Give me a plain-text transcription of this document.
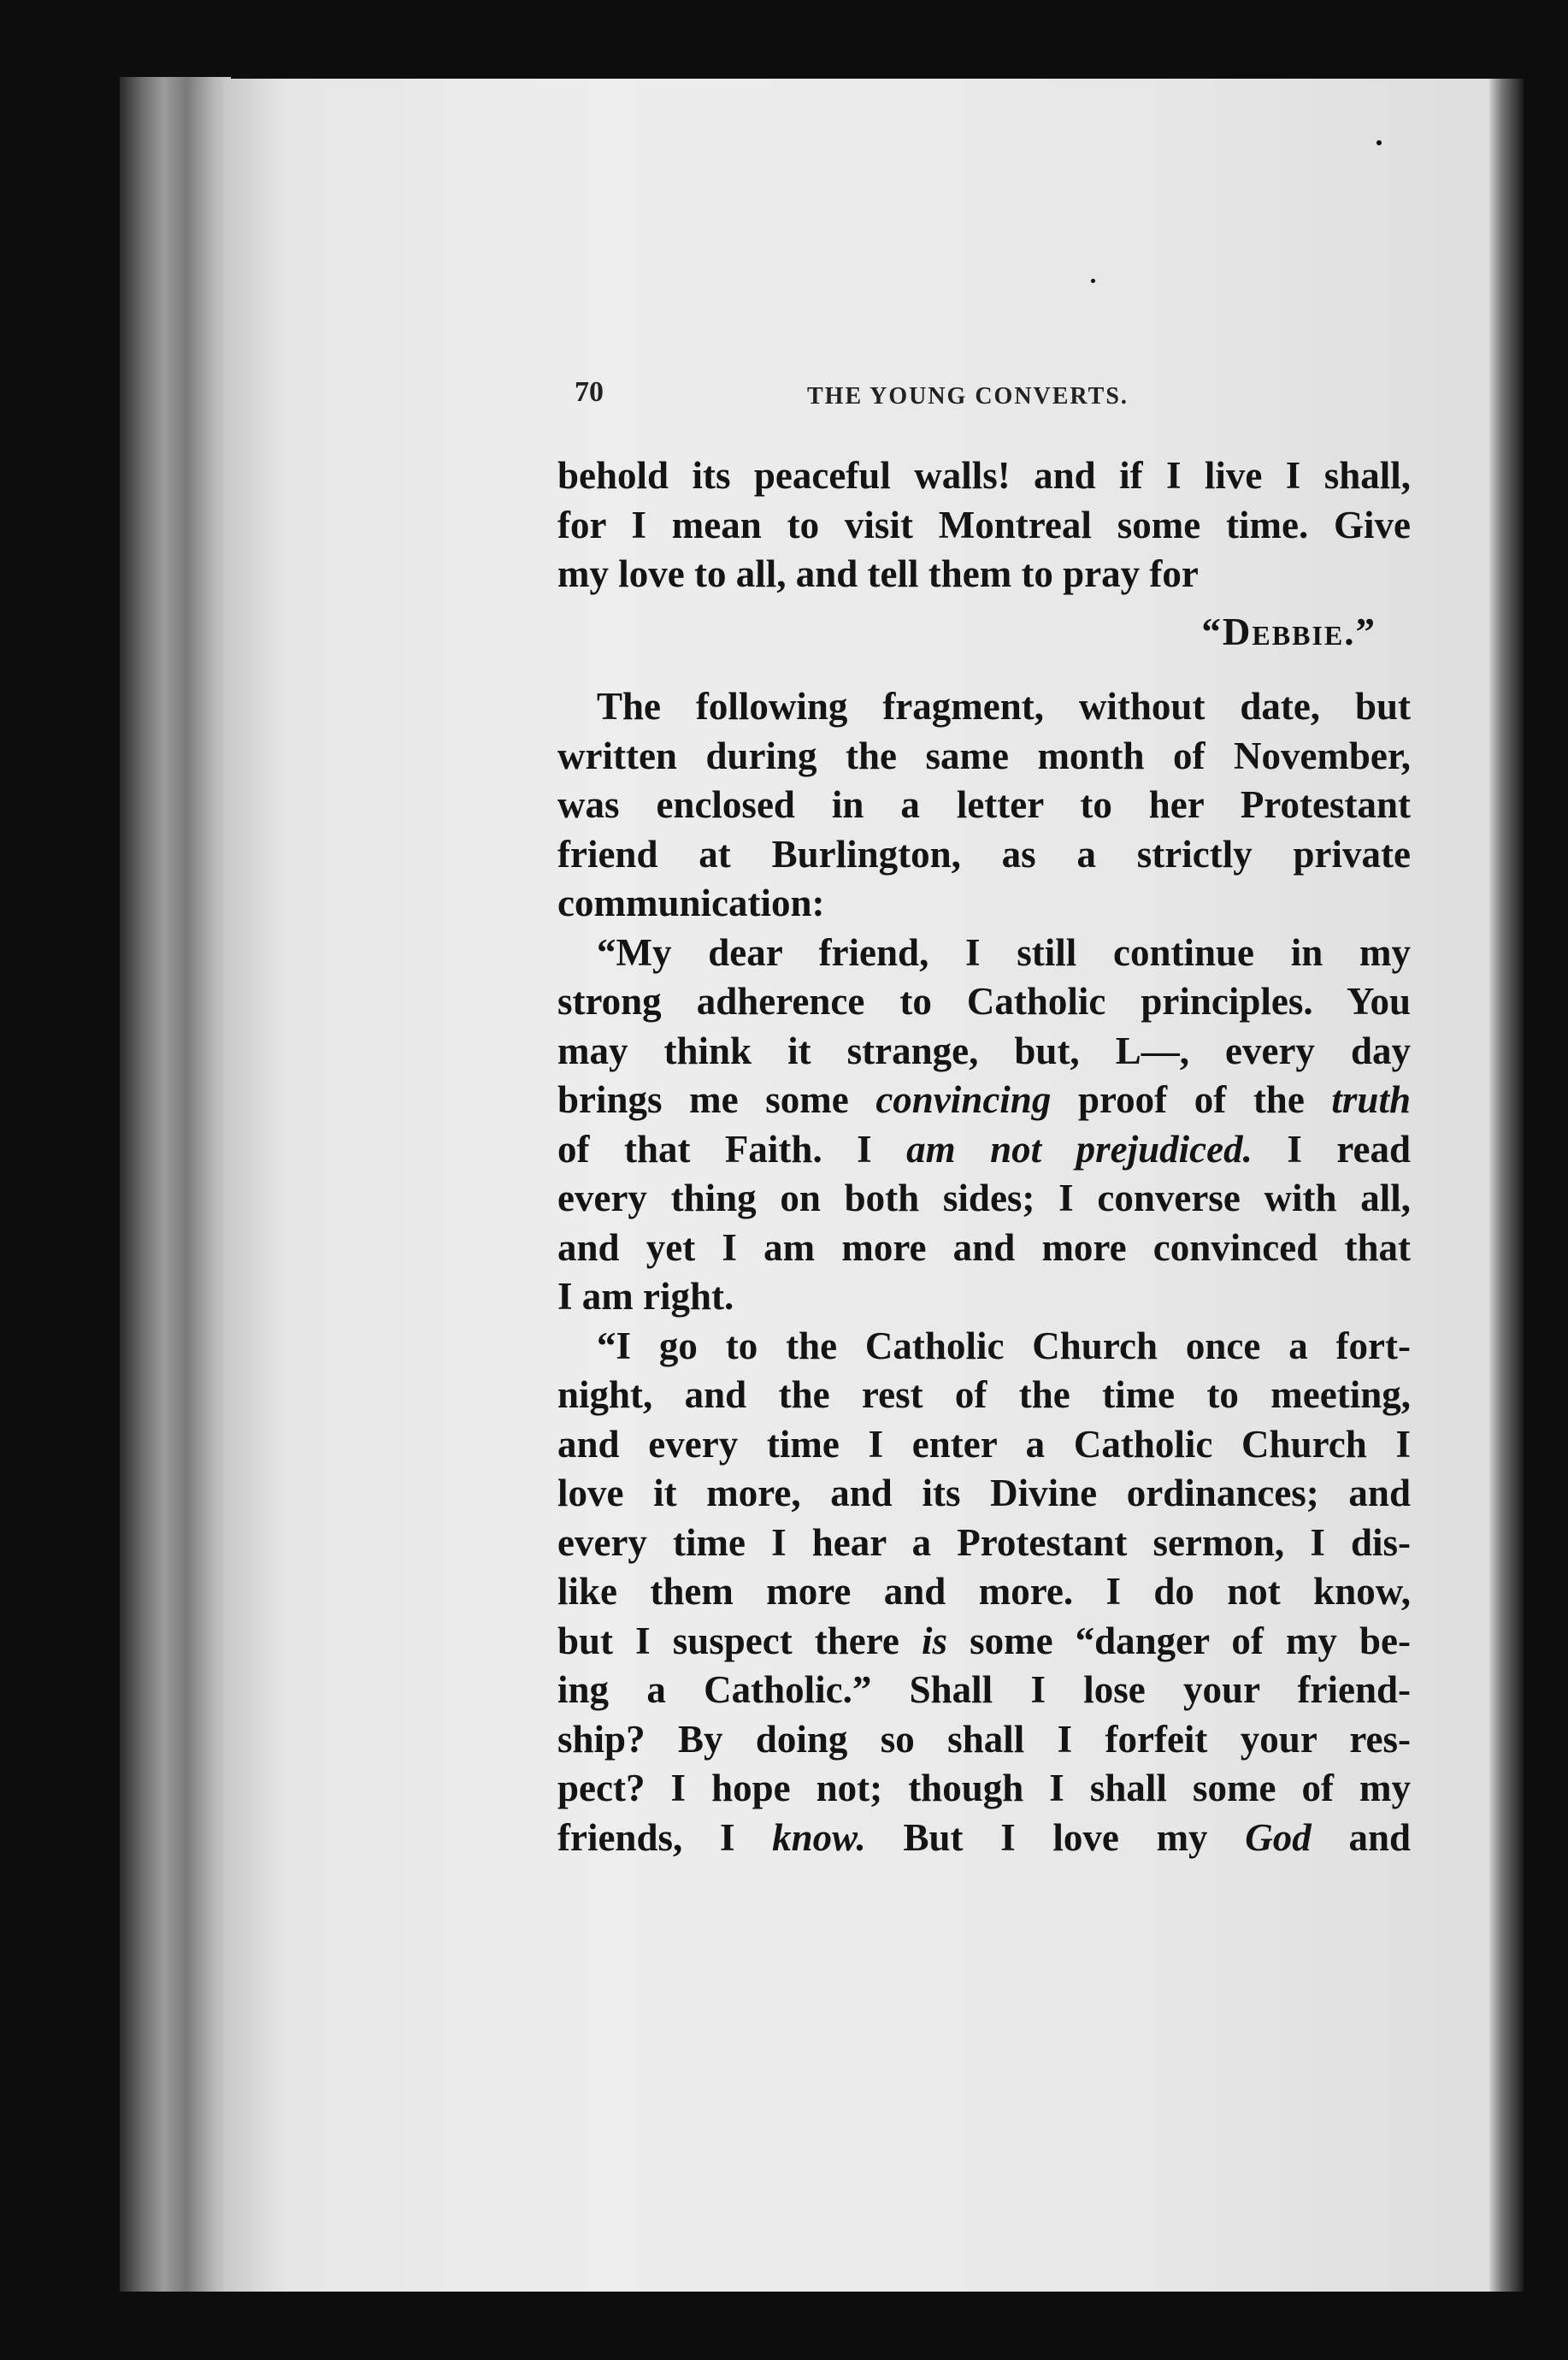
70	THE YOUNG CONVERTS.
behold its peaceful walls! and if I live I shall,
for I mean to visit Montreal some time. Give
my love to all, and tell them to pray for
“Debbie.”
The following fragment, without date, but
written during the same month of November,
was enclosed in a letter to her Protestant
friend at Burlington, as a strictly private
communication:
“My dear friend, I still continue in my
strong adherence to Catholic principles. You
may think it strange, but, L—, every day
brings me some convincing proof of the truth
of that Faith. I am not prejudiced. I read
every thing on both sides; I converse with all,
and yet I am more and more convinced that
I am right.
“I go to the Catholic Church once a fort-
night, and the rest of the time to meeting,
and every time I enter a Catholic Church I
love it more, and its Divine ordinances; and
every time I hear a Protestant sermon, I dis-
like them more and more. I do not know,
but I suspect there is some “danger of my be-
ing a Catholic.” Shall I lose your friend-
ship? By doing so shall I forfeit your res-
pect? I hope not; though I shall some of my
friends, I know. But I love my God and
